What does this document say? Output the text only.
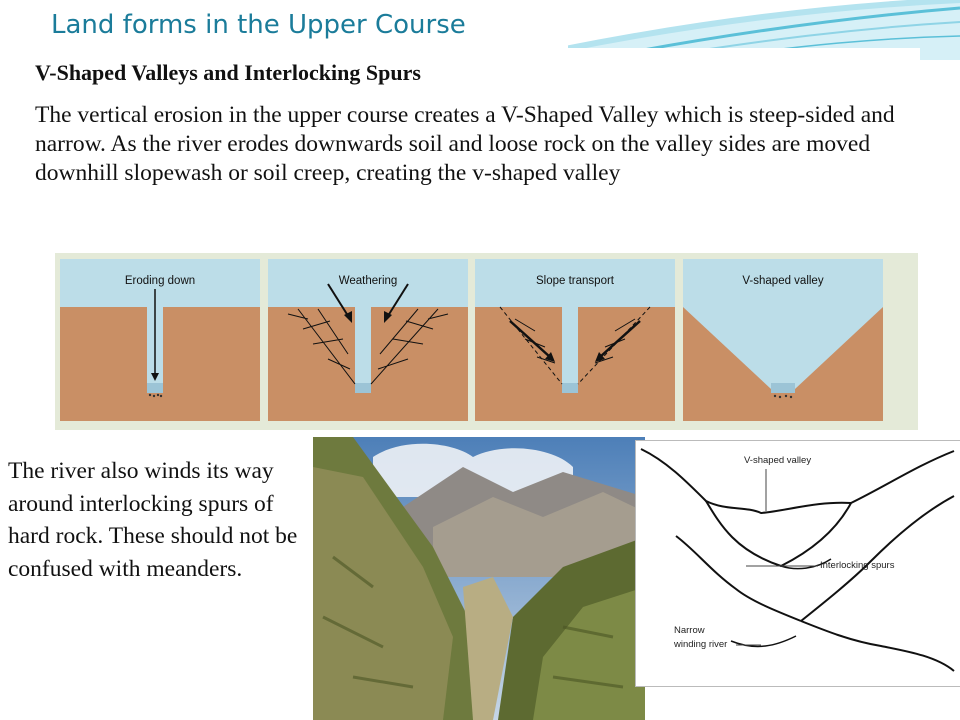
Land forms in the Upper Course
V-Shaped Valleys and Interlocking Spurs

The vertical erosion in the upper course creates a V-Shaped Valley which is steep-sided and narrow. As the river erodes downwards soil and loose rock on the valley sides are moved downhill slopewash or soil creep, creating the v-shaped valley

Eroding down	Weathering	Slope transport	V-shaped valley

The river also winds its way around interlocking spurs of hard rock. These should not be confused with meanders.

V-shaped valley
Interlocking spurs
Narrow
winding river
